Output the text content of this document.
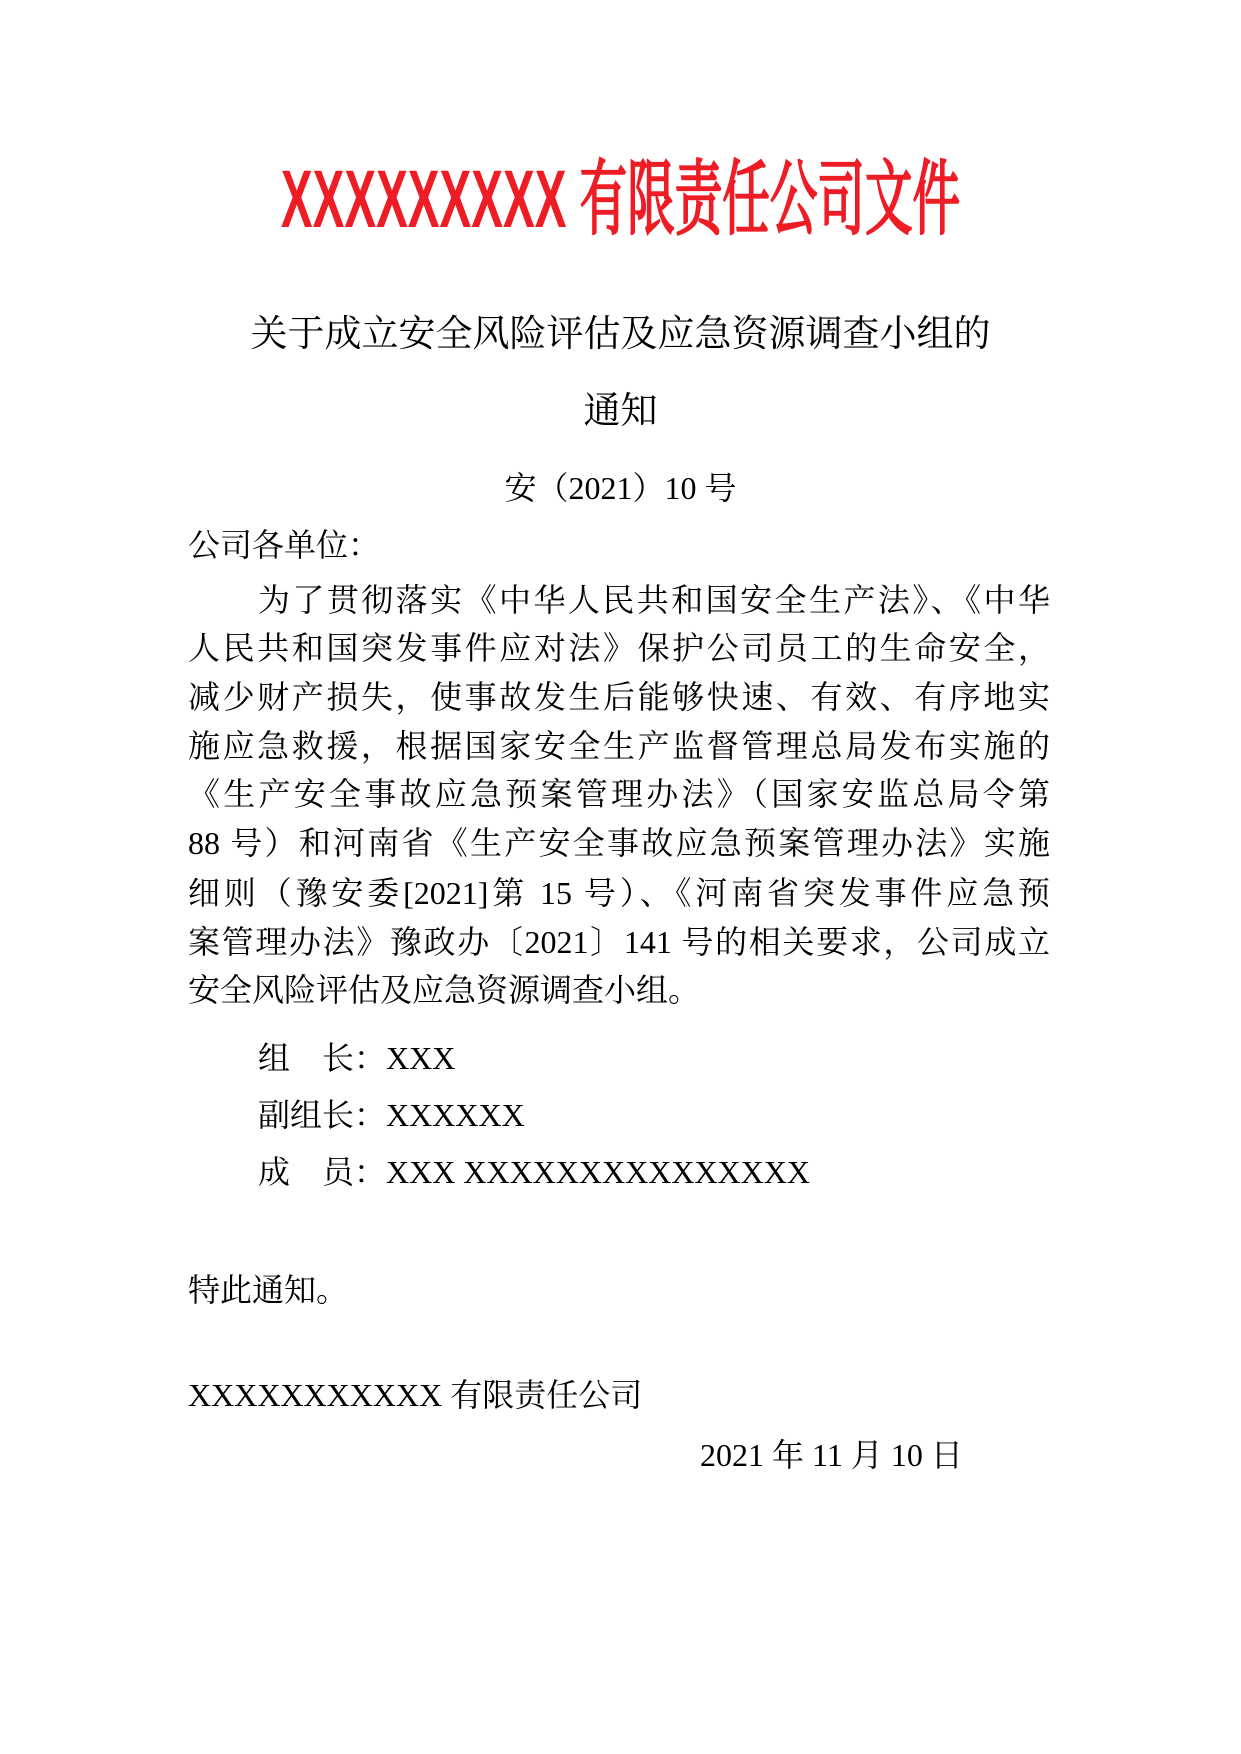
XXXXXXXXX 有限责任公司文件
关于成立安全风险评估及应急资源调查小组的
通知
安（2021）10 号
公司各单位：
为了贯彻落实《中华人民共和国安全生产法》、《中华
人民共和国突发事件应对法》保护公司员工的生命安全，
减少财产损失，使事故发生后能够快速、有效、有序地实
施应急救援，根据国家安全生产监督管理总局发布实施的
《生产安全事故应急预案管理办法》（国家安监总局令第
88 号）和河南省《生产安全事故应急预案管理办法》实施
细则（豫安委[2021]第 15 号）、《河南省突发事件应急预
案管理办法》豫政办〔2021〕141 号的相关要求，公司成立
安全风险评估及应急资源调查小组。
组　长：XXX
副组长：XXXXXX
成　员：XXX XXXXXXXXXXXXXXX
特此通知。
XXXXXXXXXXX 有限责任公司
2021 年 11 月 10 日
